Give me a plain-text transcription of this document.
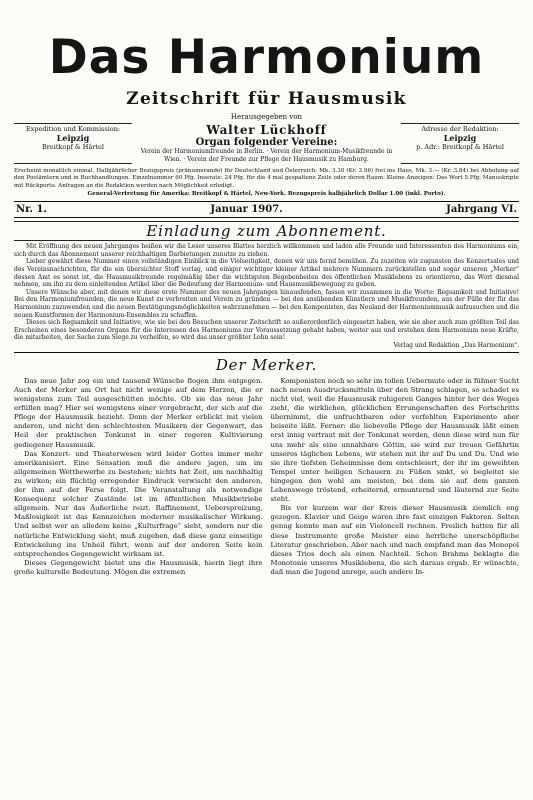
Das Harmonium
Zeitschrift für Hausmusik
Herausgegeben von
Expedition und Kommission:
Leipzig
Breitkopf & Härtel
Walter Lückhoff
Organ folgender Vereine:
Verein der Harmoniumfreunde in Berlin. · Verein der Harmonium-Musikfreunde in Wien. · Verein der Freunde zur Pflege der Hausmusik zu Hamburg.
Adresse der Redaktion:
Leipzig
p. Adr.: Breitkopf & Härtel
Erscheint monatlich einmal. Halbjährlicher Bezugspreis (pränumerando) für Deutschland und Österreich: Mk. 3.30 (Kr. 3.96) frei ins Haus, Mk. 3.— (Kr. 3.84) bei Abholung auf den Postämtern und in Buchhandlungen. Einzelnummer 60 Pfg. Inserate: 24 Pfg. für die 4 mal gespaltene Zeile oder deren Raum. Kleine Anzeigen: Das Wort 5 Pfg. Manuskripte mit Rückporto. Anfragen an die Redaktion werden nach Möglichkeit erledigt.
General-Vertretung für Amerika: Breitkopf & Härtel, New-York. Bezugspreis halbjährlich Dollar 1.00 (inkl. Porto).
Nr. 1.	Januar 1907.	Jahrgang VI.
Einladung zum Abonnement.

Mit Eröffnung des neuen Jahrganges heißen wir die Leser unseres Blattes herzlich willkommen und laden alle Freunde und Interessenten des Harmoniums ein, sich durch das Abonnement unserer reichhaltigen Darbietungen zunutze zu ziehen.

Lieber gewährt diese Nummer einen vollständigen Einblick in die Vielseitigkeit, denen wir uns fernd bemühen. Zu zuzeiten wir zugunsten des Konzertsales und des Vereinsnachrichten, für die ein übersichter Stoff vorlag, und einiger wichtiger kleiner Artikel mehrere Nummern zurückstellen und sogar unseren „Merker“ dessen Amt es sonst ist, die Hausmusiktreunde regelmäßig über die wichtigsten Begebenheiten des öffentlichen Musiklebens zu orientieren, das Wort diesmal nehmen, um ihn zu dem einleitenden Artikel über die Bedeutung der Harmonium- und Hausmusikbewegung zu geben.

Unsere Wünsche aber, mit denen wir diese erste Nummer des neuen Jahrganges hinausfenden, fassen wir zusammen in die Worte: Regsamkeit und Initiative! Bei den Harmoniumfreunden, die neue Kunst zu verbreiten und Verein zu gründen — bei den ansübenden Künstlern und Musikfreunden, aus der Fülle der für das Harmonium zuzuwenden und die neuen Bestätigungsmöglichkeiten wahrzunehmen — bei den Komponisten, das Neuland der Harmoniummusik aufzusuchen und die neuen Kunstformen der Harmonium-Ensembles zu schaffen.

Dieses sich Regsamkeit und Initiative, wie sie bei den Besuchen unserer Zeitschrift so außerordentlich eingesetzt haben, wie sie aber auch zum größten Teil das Erscheinen eines besonderen Organs für die Interessen des Harmoniums zur Voraussetzung gehabt haben, weiter aus und erstehen dem Harmonium neue Kräfte, die mitarbeiten, der Sache zum Siege zu verhelfen, so wird das unser größter Lohn sein!

Verlag und Redaktion „Das Harmonium“.
Der Merker.

Das neue Jahr zog ein und tausend Wünsche flogen ihm entgegen. Auch der Merker am Ort hat nicht wenige auf dem Herzen, die er wenigstens zum Teil ausgeschütten möchte. Ob sie das neue Jahr erfüllen mag? Hier sei wenigstens einer vorgebracht, der sich auf die Pflege der Hausmusik bezieht. Denn der Merker erblickt mit vielen anderen, und nicht den schlechtesten Musikern der Gegenwart, das Heil der praktischen Tonkunst in einer regeren Kultivierung gediegener Hausmusik.

Das Konzert- und Theaterwesen wird leider Gottes immer mehr amerikanisiert. Eine Sensation muß die andere jagen, um im allgemeinen Wettbewerbe zu bestehen; nichts hat Zeit, um nachhaltig zu wirken; ein flüchtig erregender Eindruck verwischt den anderen, der ihm auf der Ferse folgt. Die Veranstaltung als notwendige Konsequenz solcher Zustände ist im öffentlichen Musikbetriebe allgemein. Nur das Äußerliche reizt. Raffinement, Ueberspreizung, Maßlosigkeit ist das Kennzeichen moderner musikalischer Wirkung. Und selbst wer an alledem keine „Kulturfrage“ sieht, sondern nur die natürliche Entwicklung sieht, muß zugeben, daß diese ganz einseitige Entwickelung ins Unheil führt, wenn auf der anderen Seite kein entsprechendes Gegengewicht wirksam ist.

Dieses Gegengewicht bietet uns die Hausmusik, hierin liegt ihre große kulturelle Bedeutung. Mögen die extremen

Komponisten noch so sehr im tollen Uebermute oder in fühner Sucht nach neuen Ausdrucksmitteln über den Strang schlagen, so schadet es nicht viel, weil die Hausmusik ruhigeren Ganges hinter her des Weges zieht, die wirklichen, glücklichen Errungenschaften des Fortschritts übernimmt, die unfruchtbaren oder verfehlten Experimente aber beiseite läßt. Ferner: die liebevolle Pflege der Hausmusik läßt einen erst innig vertraut mit der Tonkunst werden, denn diese wird nun für uns mehr als eine unnahbare Göttin, sie wird zur treuen Gefährtin unseres täglichen Lebens, wir stehen mit ihr auf Du und Du. Und wie sie ihre tiefsten Geheimnisse dem entschleiert, der ihr im geweihten Tempel unter heiligen Schauern zu Füßen sinkt, so begleitet sie hingegen den wohl am meisten, bei dem sie auf dem ganzen Lebenswege tröstend, erheiternd, ermunternd und läuternd zur Seite steht.

Bis vor kurzem war der Kreis dieser Hausmusik ziemlich eng gezogen. Klavier und Geige waren ihre fast einzigen Faktoren. Selten genug konnte man auf ein Violoncell rechnen. Freilich hatten für all diese Instrumente große Meister eine herrliche unerschöpfliche Literatur geschrieben. Aber nach und nach empfand man das Monopol dieses Trios doch als einen Nachteil. Schon Brahms beklagte die Monotonie unseres Musiklebens, die sich daraus ergab. Er wünschte, daß man die Jugend anrege, auch andere In-
